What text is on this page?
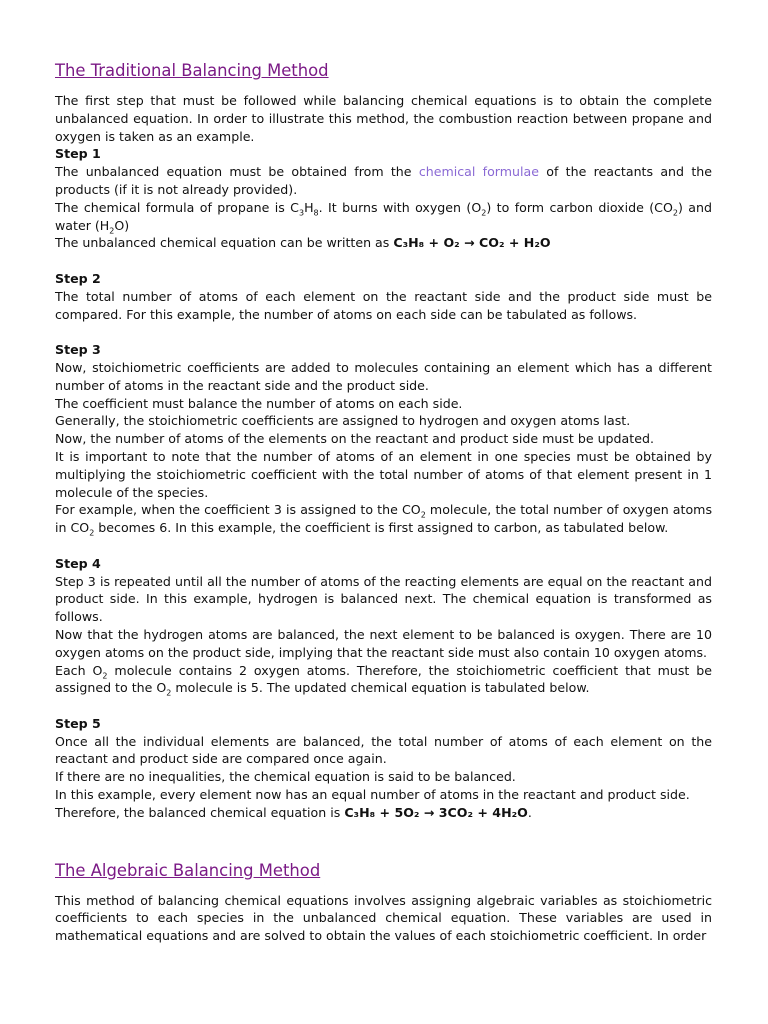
The Traditional Balancing Method

The first step that must be followed while balancing chemical equations is to obtain the complete unbalanced equation. In order to illustrate this method, the combustion reaction between propane and oxygen is taken as an example.

Step 1

The unbalanced equation must be obtained from the chemical formulae of the reactants and the products (if it is not already provided).

The chemical formula of propane is $C_3H_8$. It burns with oxygen $(O_2)$ to form carbon dioxide $(CO_2)$ and water $(H_2O)$

The unbalanced chemical equation can be written as C₃H₈ + O₂ → CO₂ + H₂O

Step 2

The total number of atoms of each element on the reactant side and the product side must be compared. For this example, the number of atoms on each side can be tabulated as follows.

Step 3

Now, stoichiometric coefficients are added to molecules containing an element which has a different number of atoms in the reactant side and the product side.

The coefficient must balance the number of atoms on each side.

Generally, the stoichiometric coefficients are assigned to hydrogen and oxygen atoms last.

Now, the number of atoms of the elements on the reactant and product side must be updated.

It is important to note that the number of atoms of an element in one species must be obtained by multiplying the stoichiometric coefficient with the total number of atoms of that element present in 1 molecule of the species.

For example, when the coefficient 3 is assigned to the $CO_2$ molecule, the total number of oxygen atoms in $CO_2$ becomes 6. In this example, the coefficient is first assigned to carbon, as tabulated below.

Step 4

Step 3 is repeated until all the number of atoms of the reacting elements are equal on the reactant and product side. In this example, hydrogen is balanced next. The chemical equation is transformed as follows.

Now that the hydrogen atoms are balanced, the next element to be balanced is oxygen. There are 10 oxygen atoms on the product side, implying that the reactant side must also contain 10 oxygen atoms.

Each $O_2$ molecule contains 2 oxygen atoms. Therefore, the stoichiometric coefficient that must be assigned to the $O_2$ molecule is 5. The updated chemical equation is tabulated below.

Step 5

Once all the individual elements are balanced, the total number of atoms of each element on the reactant and product side are compared once again.

If there are no inequalities, the chemical equation is said to be balanced.

In this example, every element now has an equal number of atoms in the reactant and product side.

Therefore, the balanced chemical equation is C₃H₈ + 5O₂ → 3CO₂ + 4H₂O.

The Algebraic Balancing Method

This method of balancing chemical equations involves assigning algebraic variables as stoichiometric coefficients to each species in the unbalanced chemical equation. These variables are used in mathematical equations and are solved to obtain the values of each stoichiometric coefficient. In order
